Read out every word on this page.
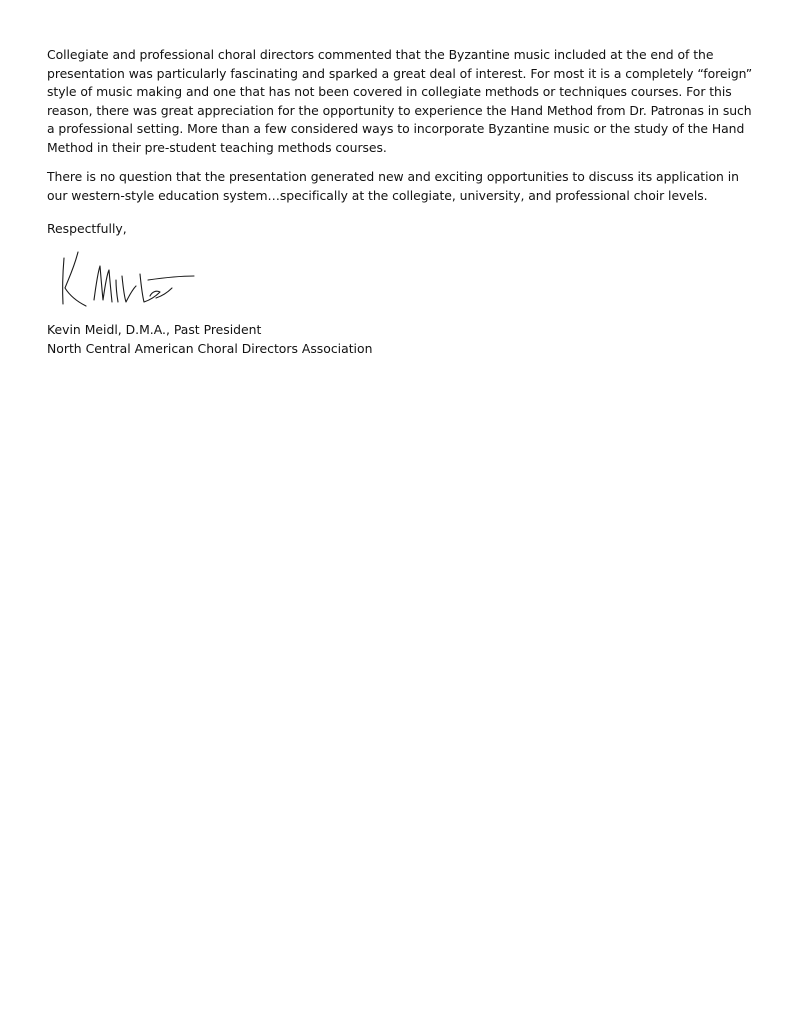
Collegiate and professional choral directors commented that the Byzantine music included at the end of the
presentation was particularly fascinating and sparked a great deal of interest. For most it is a completely “foreign”
style of music making and one that has not been covered in collegiate methods or techniques courses. For this
reason, there was great appreciation for the opportunity to experience the Hand Method from Dr. Patronas in such
a professional setting. More than a few considered ways to incorporate Byzantine music or the study of the Hand
Method in their pre-student teaching methods courses.

There is no question that the presentation generated new and exciting opportunities to discuss its application in
our western-style education system…specifically at the collegiate, university, and professional choir levels.

Respectfully,

Kevin Meidl, D.M.A., Past President
North Central American Choral Directors Association
